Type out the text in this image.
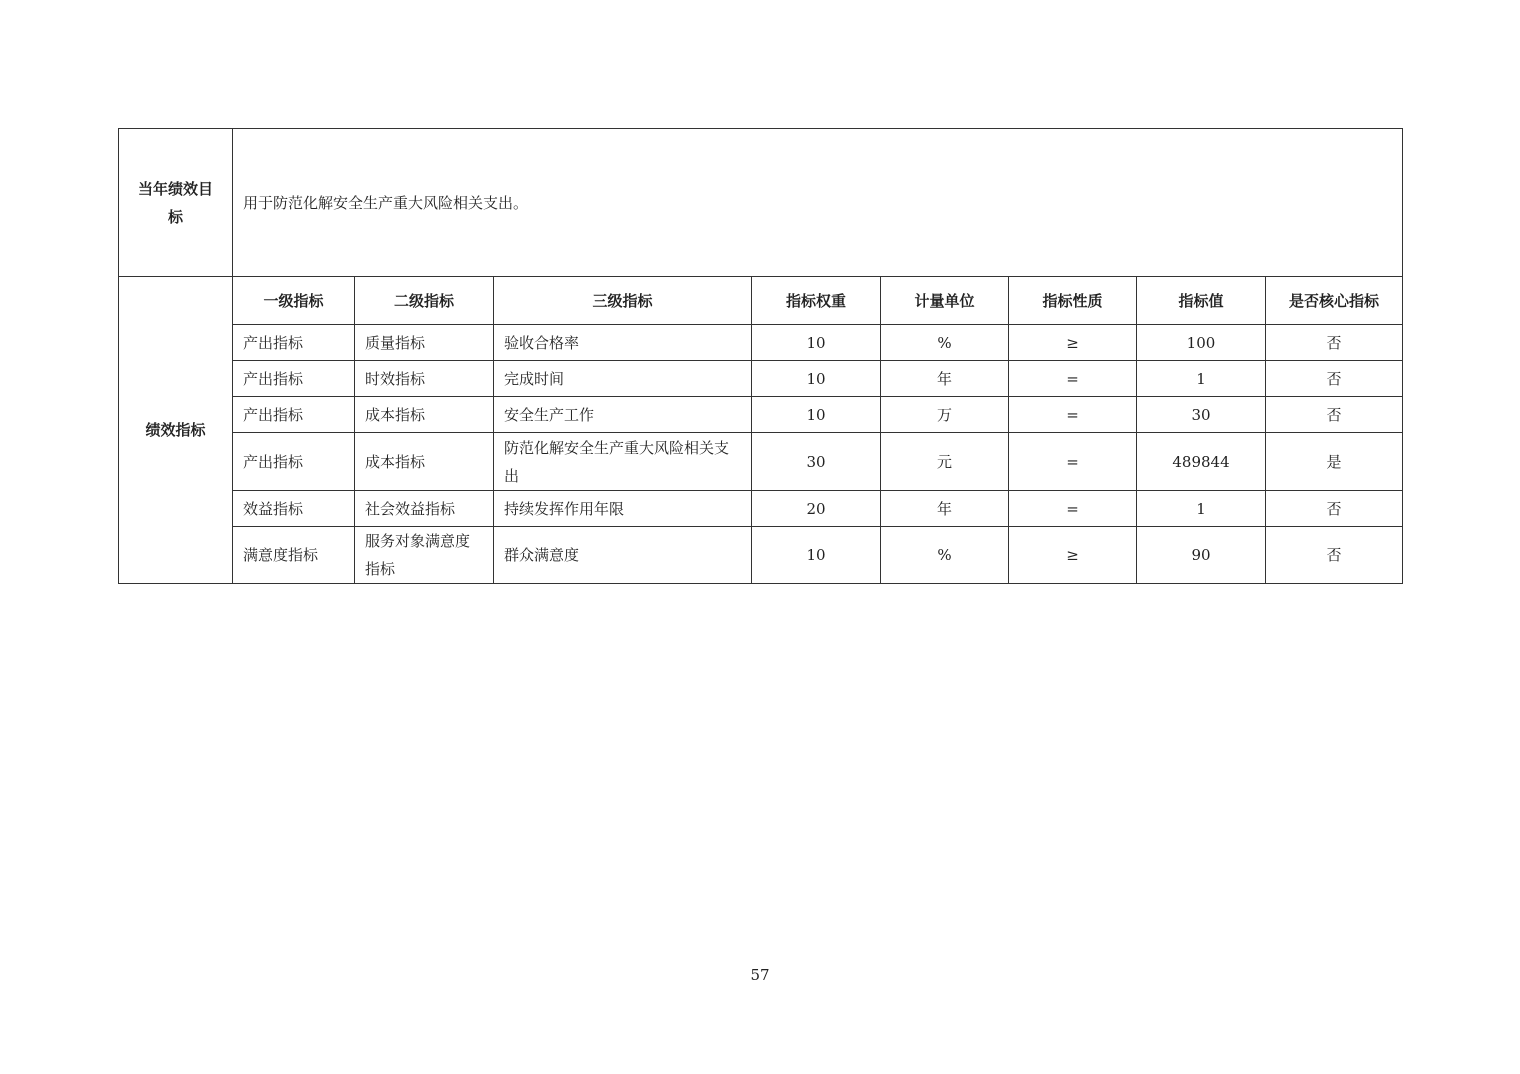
当年绩效目标	用于防范化解安全生产重大风险相关支出。							
绩效指标	一级指标	二级指标	三级指标	指标权重	计量单位	指标性质	指标值	是否核心指标
	产出指标	质量指标	验收合格率	10	%	≥	100	否
	产出指标	时效指标	完成时间	10	年	=	1	否
	产出指标	成本指标	安全生产工作	10	万	=	30	否
	产出指标	成本指标	防范化解安全生产重大风险相关支出	30	元	=	489844	是
	效益指标	社会效益指标	持续发挥作用年限	20	年	=	1	否
	满意度指标	服务对象满意度指标	群众满意度	10	%	≥	90	否
57
